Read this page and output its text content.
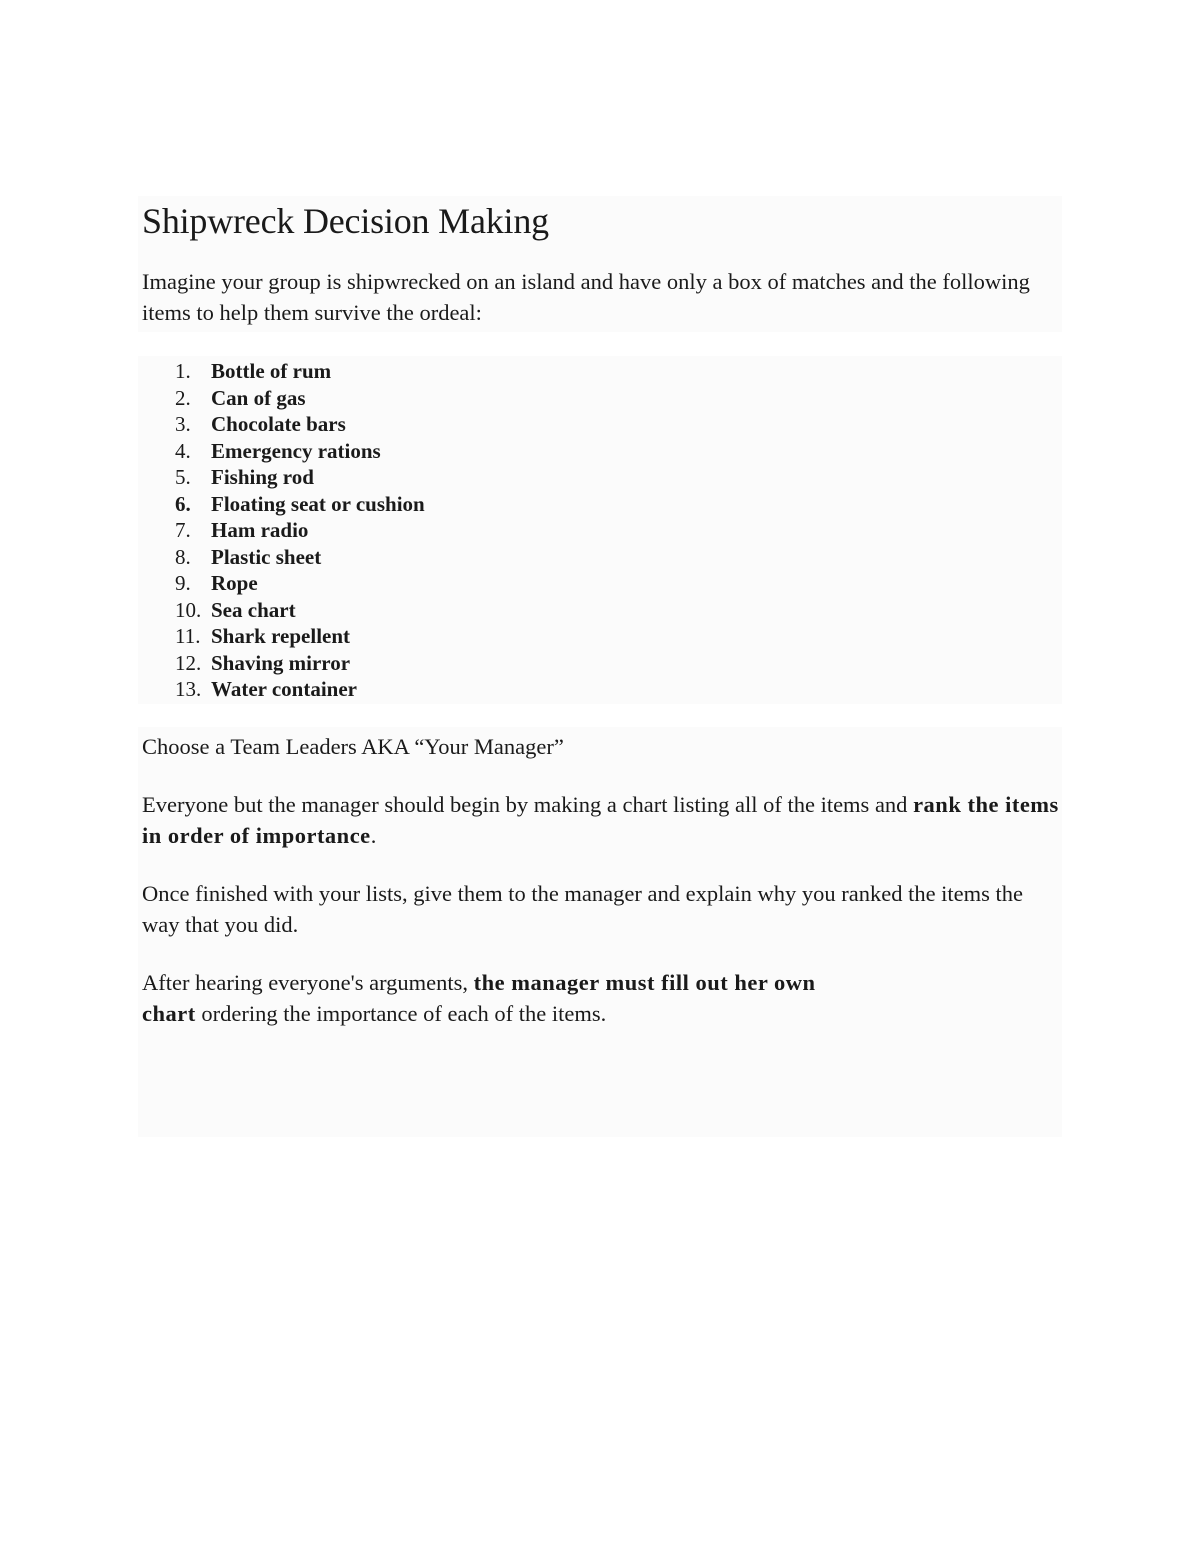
Shipwreck Decision Making

Imagine your group is shipwrecked on an island and have only a box of matches and the following items to help them survive the ordeal:

1. Bottle of rum
2. Can of gas
3. Chocolate bars
4. Emergency rations
5. Fishing rod
6. Floating seat or cushion
7. Ham radio
8. Plastic sheet
9. Rope
10. Sea chart
11. Shark repellent
12. Shaving mirror
13. Water container

Choose a Team Leaders AKA “Your Manager”

Everyone but the manager should begin by making a chart listing all of the items and rank the items in order of importance.

Once finished with your lists, give them to the manager and explain why you ranked the items the way that you did.

After hearing everyone's arguments, the manager must fill out her own
chart ordering the importance of each of the items.
